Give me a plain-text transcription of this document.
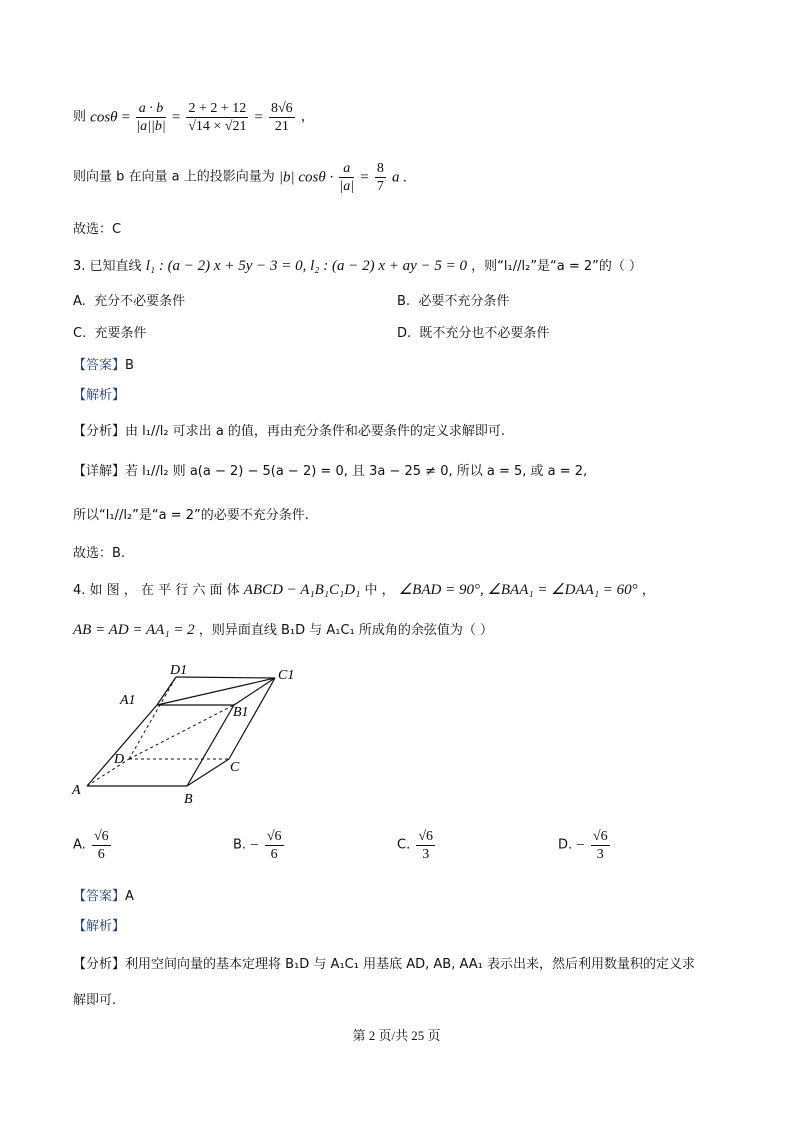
则 $\cos\theta = \frac{a \cdot b}{|a||b|} = \frac{2 + 2 + 12}{√14 \times √21} = \frac{8√6}{21}$ ，
则向量 b 在向量 a 上的投影向量为 |b| $\cos\theta \cdot \frac{a}{|a|} = \frac{8}{7}$ a .
故选：C
3. 已知直线 l₁ : (a − 2) x + 5y − 3 = 0, l₂ : (a − 2) x + ay − 5 = 0 ，则“l₁//l₂”是“a = 2”的（ ）
A. 充分不必要条件	B. 必要不充分条件
C. 充要条件	D. 既不充分也不必要条件
【答案】B
【解析】
【分析】由 l₁//l₂ 可求出 a 的值，再由充分条件和必要条件的定义求解即可.
【详解】若 l₁//l₂ 则 a(a − 2) − 5(a − 2) = 0, 且 3a − 25 ≠ 0, 所以 a = 5, 或 a = 2,
所以“l₁//l₂”是“a = 2”的必要不充分条件.
故选：B.
4. 如 图 ， 在 平 行 六 面 体 ABCD − A₁B₁C₁D₁ 中 ， ∠BAD = 90°, ∠BAA₁ = ∠DAA₁ = 60° ，
AB = AD = AA₁ = 2 ，则异面直线 B₁D 与 A₁C₁ 所成角的余弦值为（ ）
D1	C1
A1
B1
D
C
A
B
A. $\frac{√6}{6}$	B. − $\frac{√6}{6}$	C. $\frac{√6}{3}$	D. − $\frac{√6}{3}$
【答案】A
【解析】
【分析】利用空间向量的基本定理将 B₁D 与 A₁C₁ 用基底 AD, AB, AA₁ 表示出来，然后利用数量积的定义求
解即可.
第 2 页/共 25 页
